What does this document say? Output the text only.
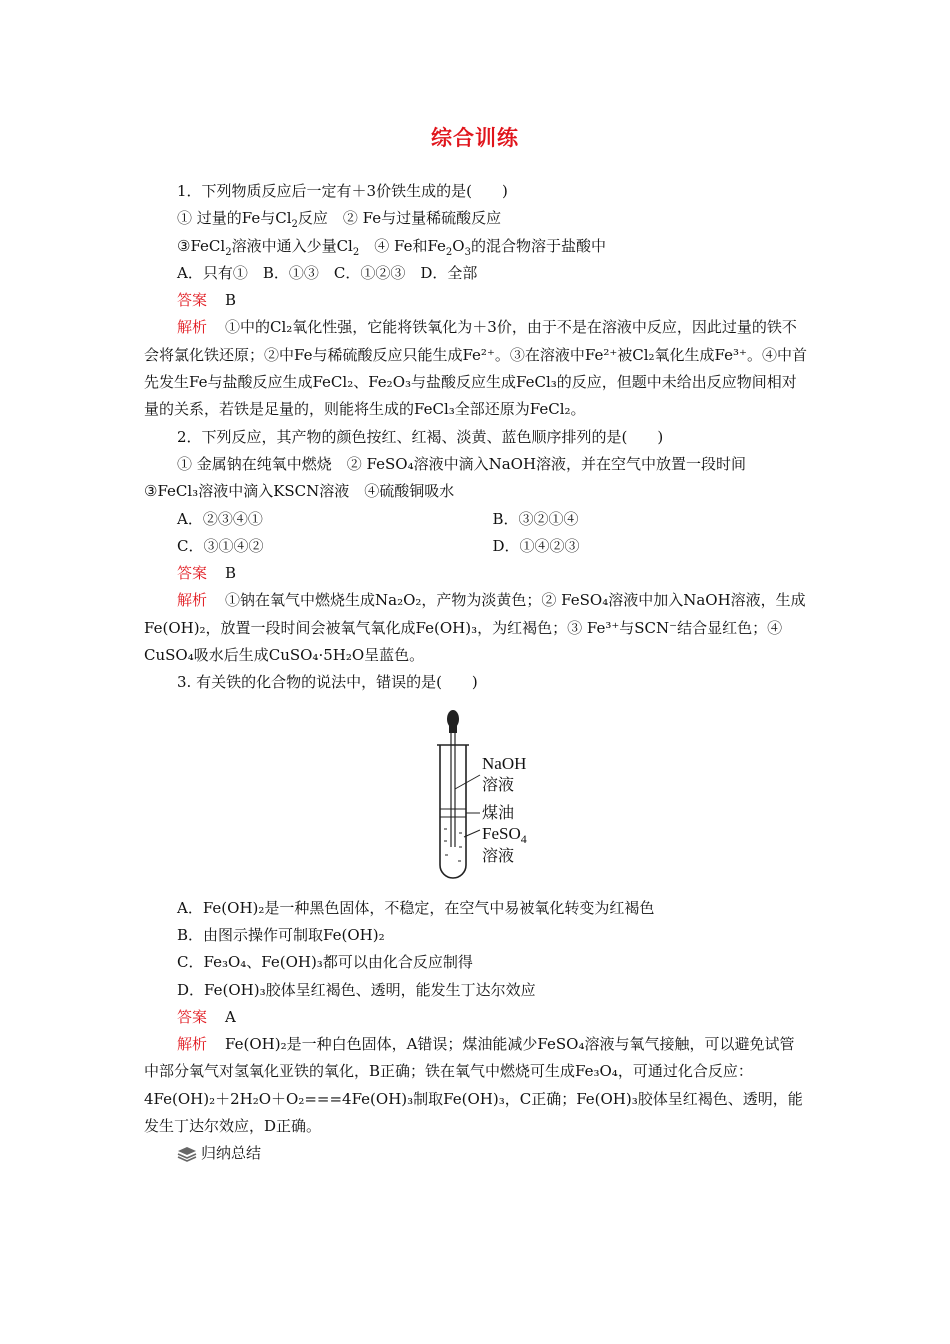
综合训练

1．下列物质反应后一定有＋3价铁生成的是(　　)

① 过量的Fe与$Cl_2$反应　② Fe与过量稀硫酸反应

③FeCl$_2$溶液中通入少量$Cl_2$　④ Fe和$Fe_2O_3$的混合物溶于盐酸中

A．只有①　B．①③　C．①②③　D．全部

答案 B

解析 ①中的Cl₂氧化性强，它能将铁氧化为＋3价，由于不是在溶液中反应，因此过量的铁不会将氯化铁还原；②中Fe与稀硫酸反应只能生成Fe²⁺。③在溶液中Fe²⁺被Cl₂氧化生成Fe³⁺。④中首先发生Fe与盐酸反应生成FeCl₂、Fe₂O₃与盐酸反应生成FeCl₃的反应，但题中未给出反应物间相对量的关系，若铁是足量的，则能将生成的FeCl₃全部还原为FeCl₂。

2．下列反应，其产物的颜色按红、红褐、淡黄、蓝色顺序排列的是(　　)

① 金属钠在纯氧中燃烧　② FeSO₄溶液中滴入NaOH溶液，并在空气中放置一段时间

③FeCl₃溶液中滴入KSCN溶液　④硫酸铜吸水

A．②③④①	B．③②①④
C．③①④②	D．①④②③

答案 B

解析 ①钠在氧气中燃烧生成Na₂O₂，产物为淡黄色；② FeSO₄溶液中加入NaOH溶液，生成Fe(OH)₂，放置一段时间会被氧气氧化成Fe(OH)₃，为红褐色；③ Fe³⁺与SCN⁻结合显红色；④ CuSO₄吸水后生成CuSO₄·5H₂O呈蓝色。

3. 有关铁的化合物的说法中，错误的是(　　)

NaOH
溶液
煤油
FeSO$_4$
溶液

A．Fe(OH)₂是一种黑色固体，不稳定，在空气中易被氧化转变为红褐色

B．由图示操作可制取Fe(OH)₂

C．Fe₃O₄、Fe(OH)₃都可以由化合反应制得

D．Fe(OH)₃胶体呈红褐色、透明，能发生丁达尔效应

答案 A

解析 Fe(OH)₂是一种白色固体，A错误；煤油能减少FeSO₄溶液与氧气接触，可以避免试管中部分氧气对氢氧化亚铁的氧化，B正确；铁在氧气中燃烧可生成Fe₃O₄，可通过化合反应：4Fe(OH)₂＋2H₂O＋O₂===4Fe(OH)₃制取Fe(OH)₃，C正确；Fe(OH)₃胶体呈红褐色、透明，能发生丁达尔效应，D正确。

归纳总结
